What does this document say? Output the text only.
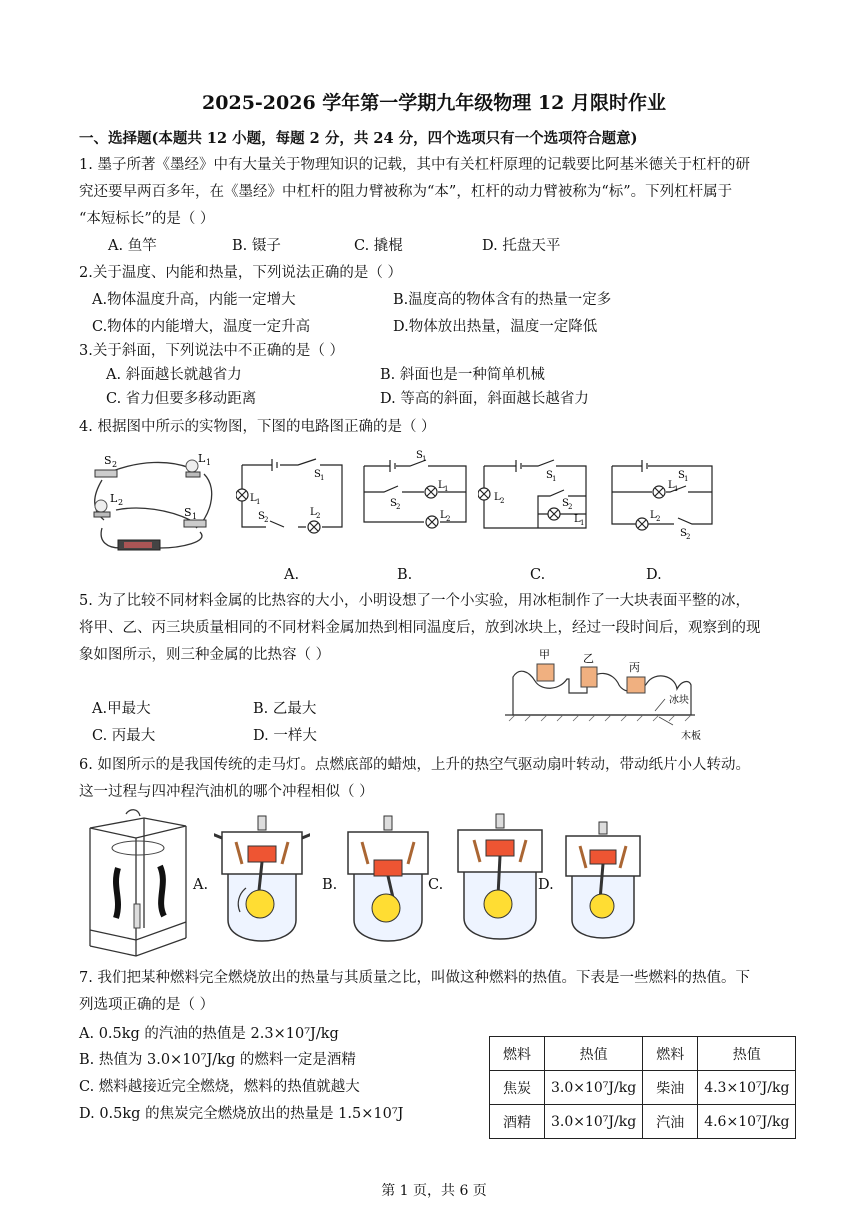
2025-2026 学年第一学期九年级物理 12 月限时作业
一、选择题(本题共 12 小题，每题 2 分，共 24 分，四个选项只有一个选项符合题意)
1. 墨子所著《墨经》中有大量关于物理知识的记载，其中有关杠杆原理的记载要比阿基米德关于杠杆的研
究还要早两百多年，在《墨经》中杠杆的阻力臂被称为“本”，杠杆的动力臂被称为“标”。下列杠杆属于
“本短标长”的是（ ）
A. 鱼竿	B. 镊子	C. 撬棍	D. 托盘天平
2.关于温度、内能和热量，下列说法正确的是（ ）
A.物体温度升高，内能一定增大	B.温度高的物体含有的热量一定多
C.物体的内能增大，温度一定升高	D.物体放出热量，温度一定降低
3.关于斜面，下列说法中不正确的是（ ）
A. 斜面越长就越省力	B. 斜面也是一种简单机械
C. 省力但要多移动距离	D. 等高的斜面，斜面越长越省力
4. 根据图中所示的实物图，下图的电路图正确的是（ ）
S 2	L 1
L 2
S 1
S 1
L 1
S 2
L 2
A.
S 1
S 2
L 1
L 2
B.
S 1
L 2	S 2
L 1
C.
S 1
L 1
L 2
S 2
D.
5. 为了比较不同材料金属的比热容的大小，小明设想了一个小实验，用冰柜制作了一大块表面平整的冰，
将甲、乙、丙三块质量相同的不同材料金属加热到相同温度后，放到冰块上，经过一段时间后，观察到的现
象如图所示，则三种金属的比热容（ ）
A.甲最大	B. 乙最大
C. 丙最大	D. 一样大
甲	乙
丙
冰块
木板
6. 如图所示的是我国传统的走马灯。点燃底部的蜡烛，上升的热空气驱动扇叶转动，带动纸片小人转动。
这一过程与四冲程汽油机的哪个冲程相似（ ）
A.	B.	C.	D.
7. 我们把某种燃料完全燃烧放出的热量与其质量之比，叫做这种燃料的热值。下表是一些燃料的热值。下
列选项正确的是（ ）
A. 0.5kg 的汽油的热值是 2.3×10⁷J/kg
B. 热值为 3.0×10⁷J/kg 的燃料一定是酒精
C. 燃料越接近完全燃烧，燃料的热值就越大
D. 0.5kg 的焦炭完全燃烧放出的热量是 1.5×10⁷J
燃料	热值	燃料	热值
焦炭	3.0×10⁷J/kg	柴油	4.3×10⁷J/kg
酒精	3.0×10⁷J/kg	汽油	4.6×10⁷J/kg
第 1 页，共 6 页
